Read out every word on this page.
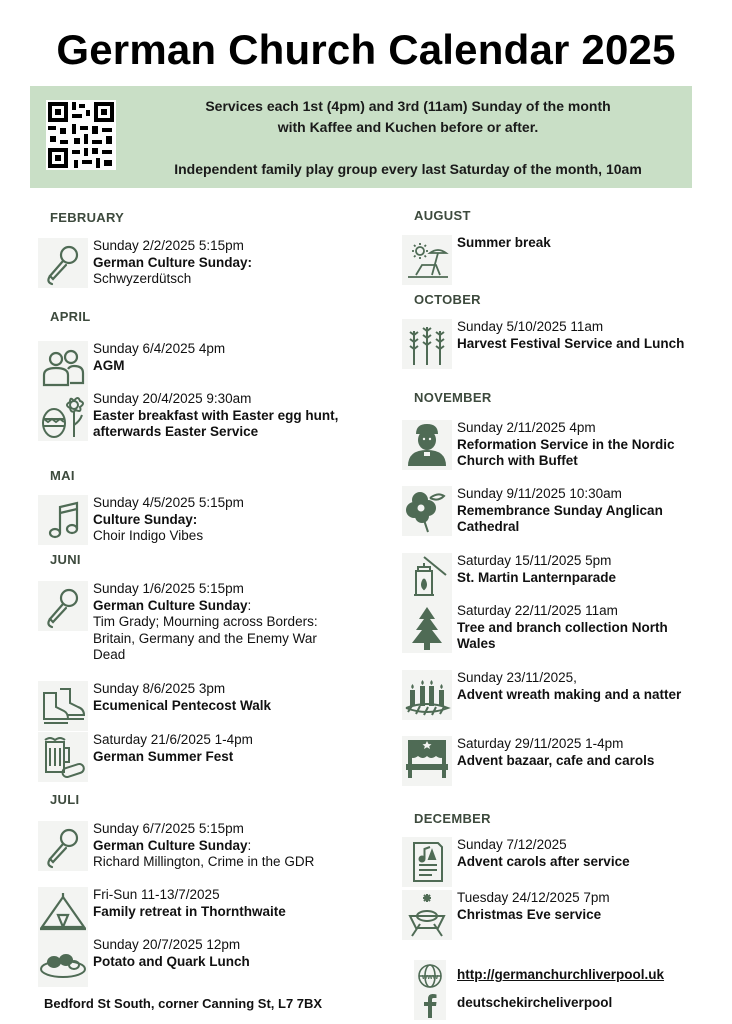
German Church Calendar 2025
Services each 1st (4pm) and 3rd (11am) Sunday of the month
with Kaffee and Kuchen before or after.
Independent family play group every last Saturday of the month, 10am
FEBRUARY
Sunday 2/2/2025 5:15pm
German Culture Sunday:
Schwyzerdütsch
APRIL
Sunday 6/4/2025 4pm
AGM
Sunday 20/4/2025 9:30am
Easter breakfast with Easter egg hunt, afterwards Easter Service
MAI
Sunday 4/5/2025 5:15pm
Culture Sunday:
Choir Indigo Vibes
JUNI
Sunday 1/6/2025 5:15pm
German Culture Sunday:
Tim Grady; Mourning across Borders: Britain, Germany and the Enemy War Dead
Sunday 8/6/2025 3pm
Ecumenical Pentecost Walk
Saturday 21/6/2025 1-4pm
German Summer Fest
JULI
Sunday 6/7/2025 5:15pm
German Culture Sunday:
Richard Millington, Crime in the GDR
Fri-Sun 11-13/7/2025
Family retreat in Thornthwaite
Sunday 20/7/2025 12pm
Potato and Quark Lunch
AUGUST
Summer break
OCTOBER
Sunday 5/10/2025 11am
Harvest Festival Service and Lunch
NOVEMBER
Sunday 2/11/2025 4pm
Reformation Service in the Nordic Church with Buffet
Sunday 9/11/2025 10:30am
Remembrance Sunday Anglican Cathedral
Saturday 15/11/2025 5pm
St. Martin Lanternparade
Saturday 22/11/2025 11am
Tree and branch collection North Wales
Sunday 23/11/2025,
Advent wreath making and a natter
Saturday 29/11/2025 1-4pm
Advent bazaar, cafe and carols
DECEMBER
Sunday 7/12/2025
Advent carols after service
Tuesday 24/12/2025 7pm
Christmas Eve service
Bedford St South, corner Canning St, L7 7BX
www http://germanchurchliverpool.uk
deutschekircheliverpool
